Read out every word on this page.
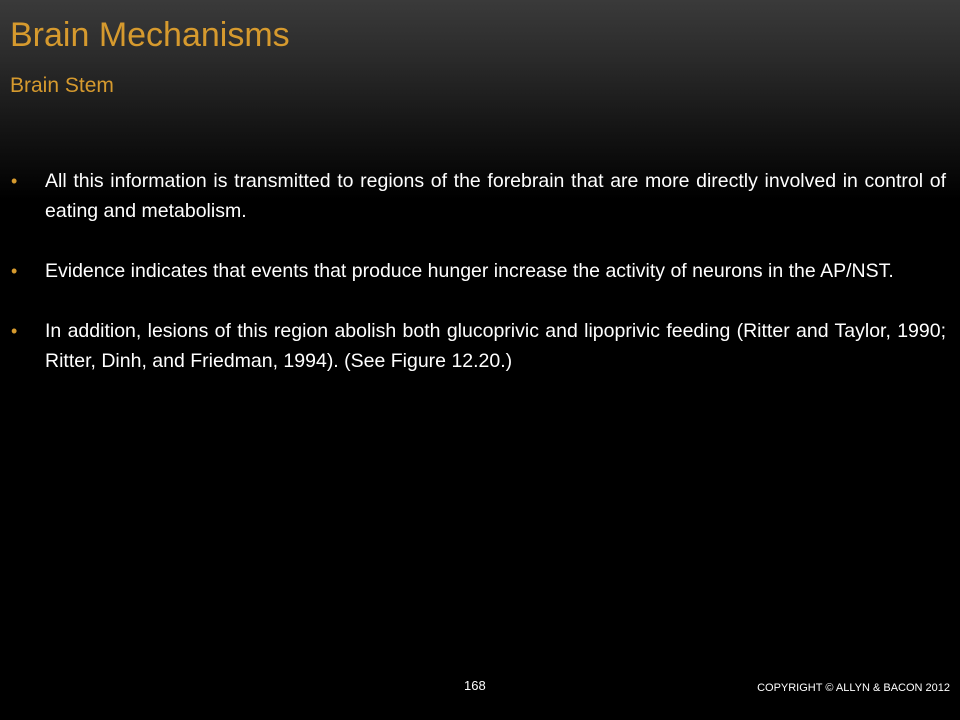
Brain Mechanisms
Brain Stem
• All this information is transmitted to regions of the forebrain that are more directly involved in control of eating and metabolism.
• Evidence indicates that events that produce hunger increase the activity of neurons in the AP/NST.
• In addition, lesions of this region abolish both glucoprivic and lipoprivic feeding (Ritter and Taylor, 1990; Ritter, Dinh, and Friedman, 1994). (See Figure 12.20.)
168	COPYRIGHT © ALLYN & BACON 2012
